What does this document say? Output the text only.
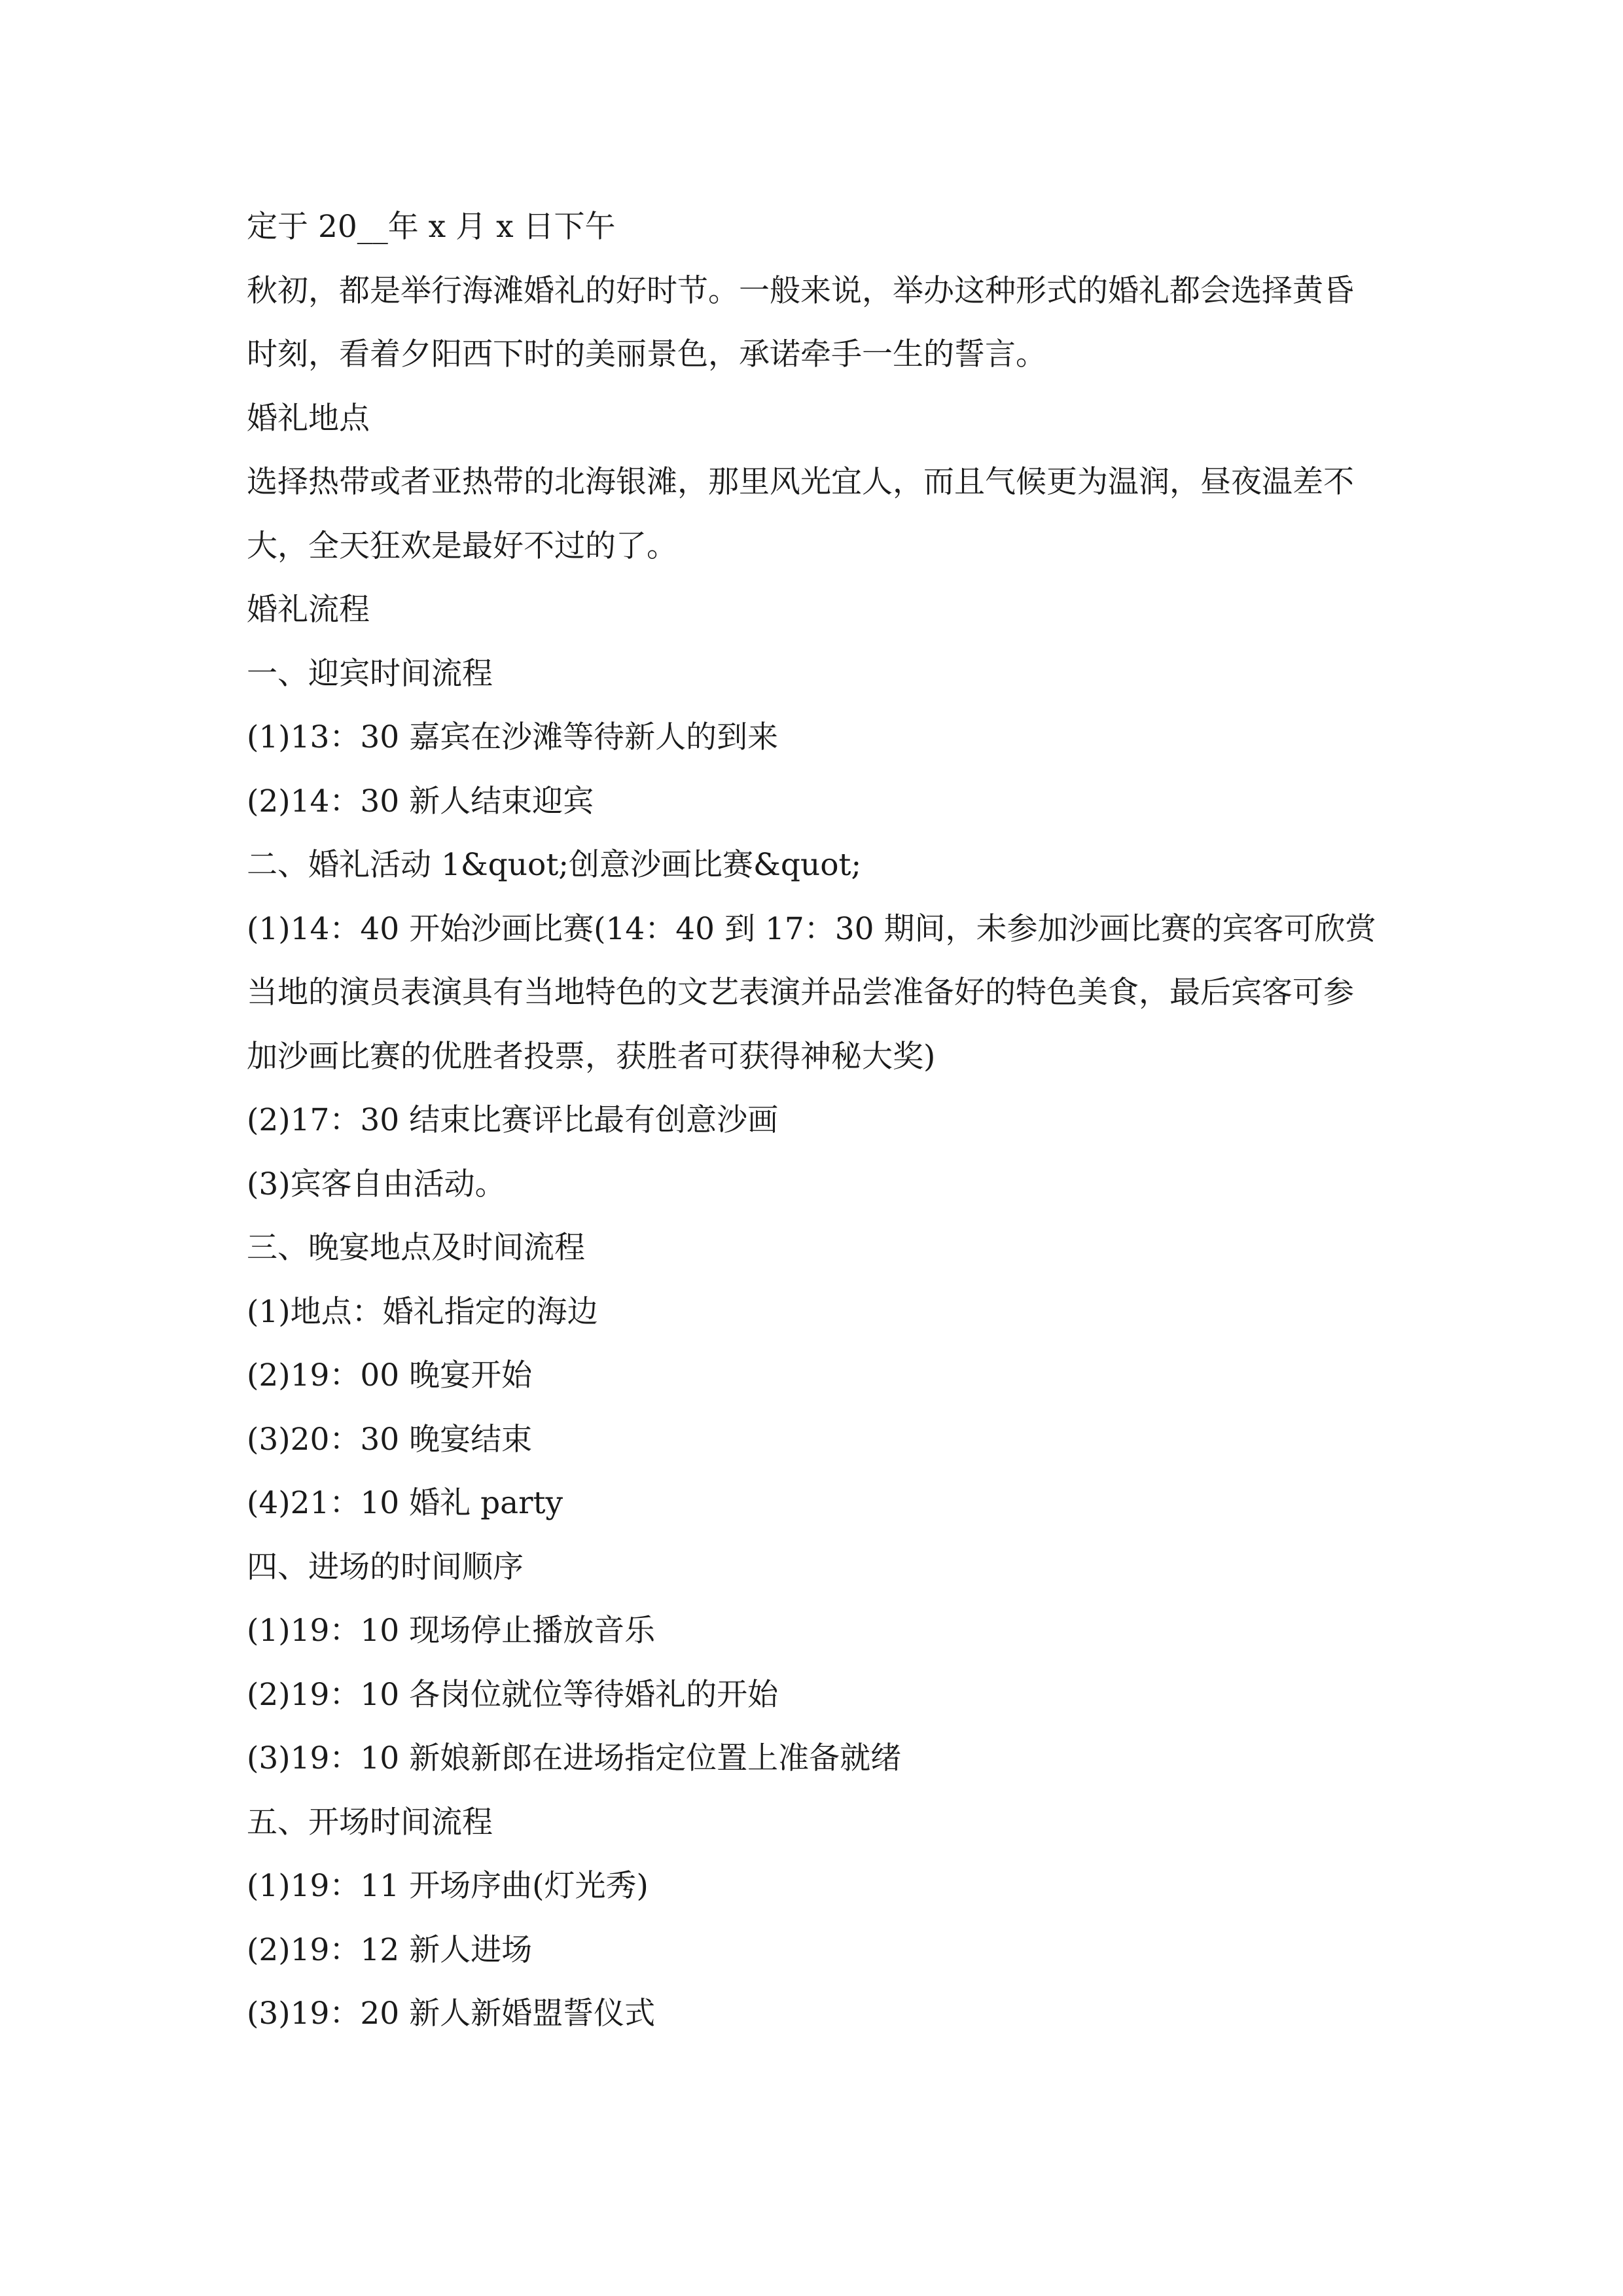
定于 20__年 x 月 x 日下午

秋初，都是举行海滩婚礼的好时节。一般来说，举办这种形式的婚礼都会选择黄昏时刻，看着夕阳西下时的美丽景色，承诺牵手一生的誓言。

婚礼地点

选择热带或者亚热带的北海银滩，那里风光宜人，而且气候更为温润，昼夜温差不大，全天狂欢是最好不过的了。

婚礼流程

一、迎宾时间流程

(1)13：30 嘉宾在沙滩等待新人的到来

(2)14：30 新人结束迎宾

二、婚礼活动 1&quot;创意沙画比赛&quot;

(1)14：40 开始沙画比赛(14：40 到 17：30 期间，未参加沙画比赛的宾客可欣赏当地的演员表演具有当地特色的文艺表演并品尝准备好的特色美食，最后宾客可参加沙画比赛的优胜者投票，获胜者可获得神秘大奖)

(2)17：30 结束比赛评比最有创意沙画

(3)宾客自由活动。

三、晚宴地点及时间流程

(1)地点：婚礼指定的海边

(2)19：00 晚宴开始

(3)20：30 晚宴结束

(4)21：10 婚礼 party

四、进场的时间顺序

(1)19：10 现场停止播放音乐

(2)19：10 各岗位就位等待婚礼的开始

(3)19：10 新娘新郎在进场指定位置上准备就绪

五、开场时间流程

(1)19：11 开场序曲(灯光秀)

(2)19：12 新人进场

(3)19：20 新人新婚盟誓仪式
